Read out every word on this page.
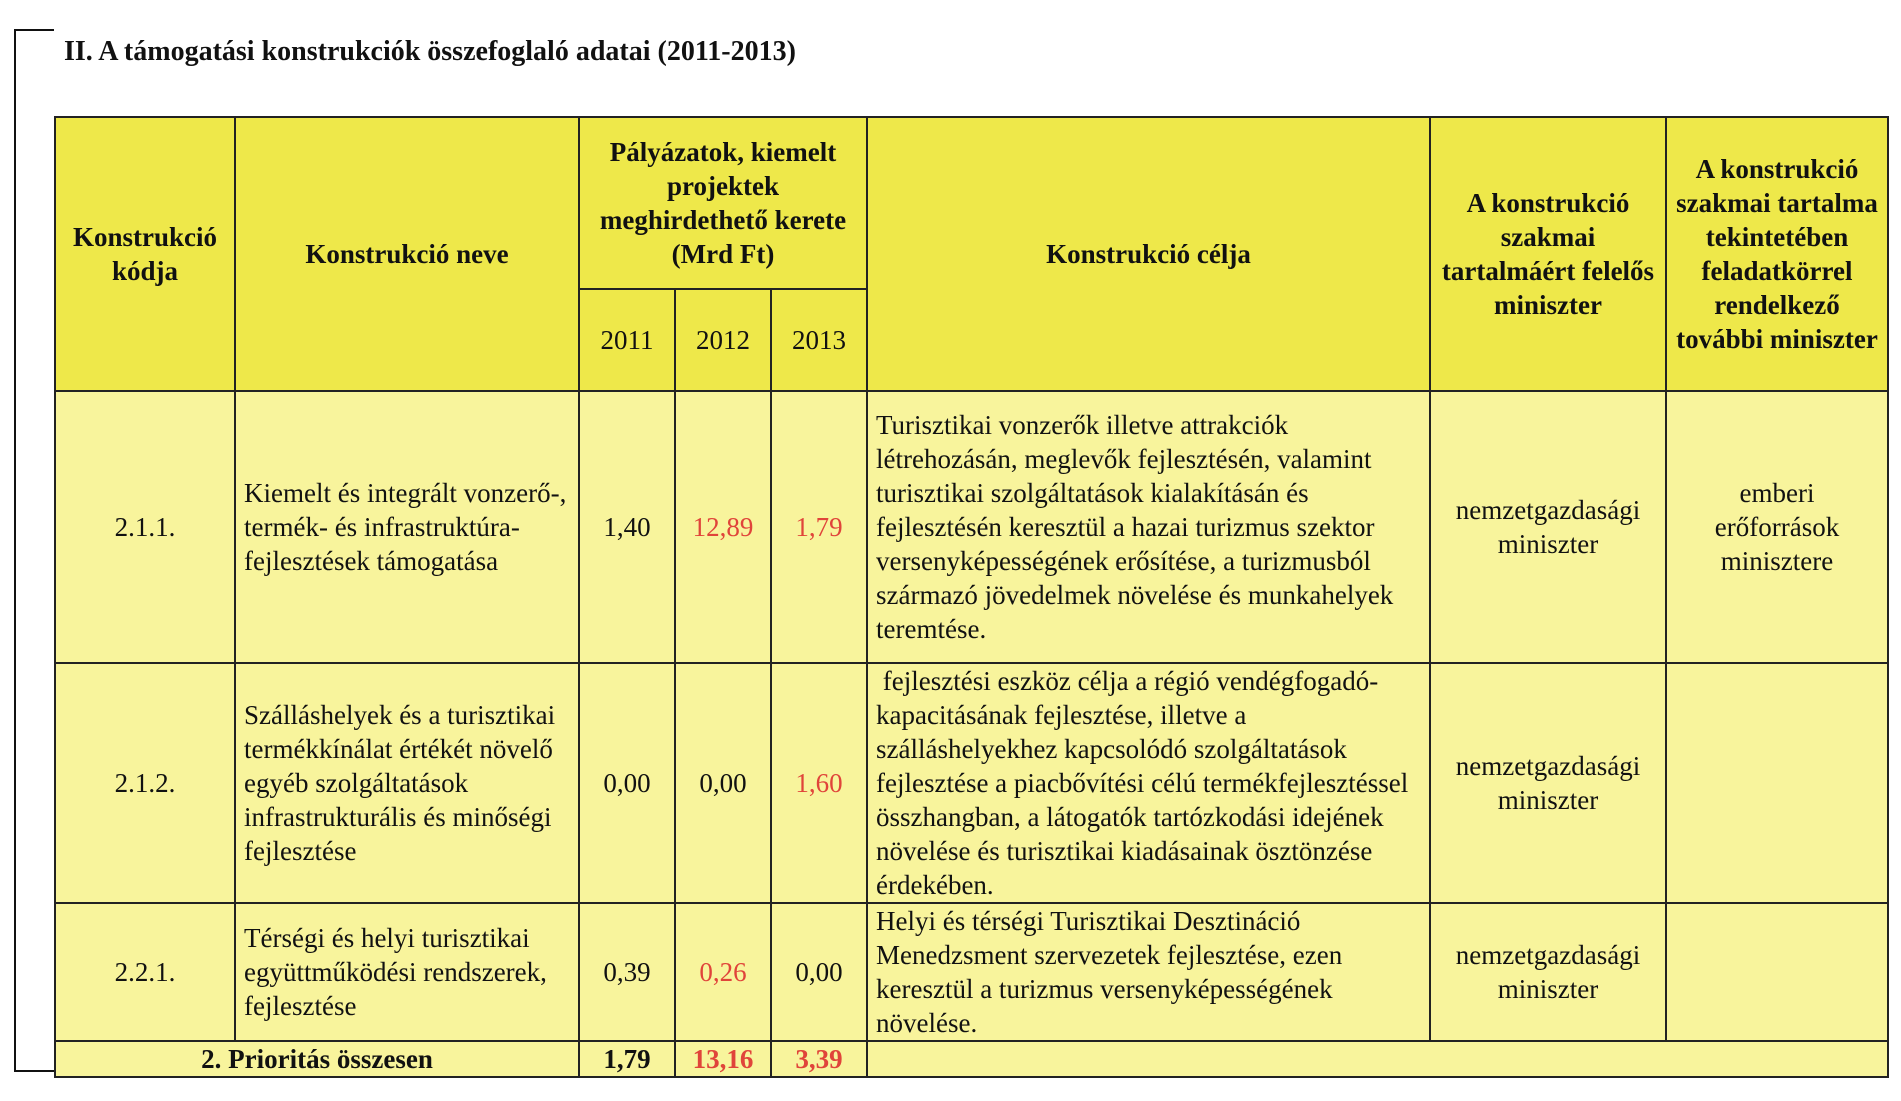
II. A támogatási konstrukciók összefoglaló adatai (2011-2013)
Konstrukció kódja	Konstrukció neve	Pályázatok, kiemelt projektek meghirdethető kerete (Mrd Ft)			Konstrukció célja	A konstrukció szakmai tartalmáért felelős miniszter	A konstrukció szakmai tartalma tekintetében feladatkörrel rendelkező további miniszter
		2011	2012	2013			
2.1.1.	Kiemelt és integrált vonzerő-, termék- és infrastruktúra-fejlesztések támogatása	1,40	12,89	1,79	Turisztikai vonzerők illetve attrakciók létrehozásán, meglevők fejlesztésén, valamint turisztikai szolgáltatások kialakításán és fejlesztésén keresztül a hazai turizmus szektor versenyképességének erősítése, a turizmusból származó jövedelmek növelése és munkahelyek teremtése.	nemzetgazdasági miniszter	emberi erőforrások minisztere
2.1.2.	Szálláshelyek és a turisztikai termékkínálat értékét növelő egyéb szolgáltatások infrastrukturális és minőségi fejlesztése	0,00	0,00	1,60	fejlesztési eszköz célja a régió vendégfogadó-kapacitásának fejlesztése, illetve a szálláshelyekhez kapcsolódó szolgáltatások fejlesztése a piacbővítési célú termékfejlesztéssel összhangban, a látogatók tartózkodási idejének növelése és turisztikai kiadásainak ösztönzése érdekében.	nemzetgazdasági miniszter	
2.2.1.	Térségi és helyi turisztikai együttműködési rendszerek, fejlesztése	0,39	0,26	0,00	Helyi és térségi Turisztikai Desztináció Menedzsment szervezetek fejlesztése, ezen keresztül a turizmus versenyképességének növelése.	nemzetgazdasági miniszter	
2. Prioritás összesen		1,79	13,16	3,39			
